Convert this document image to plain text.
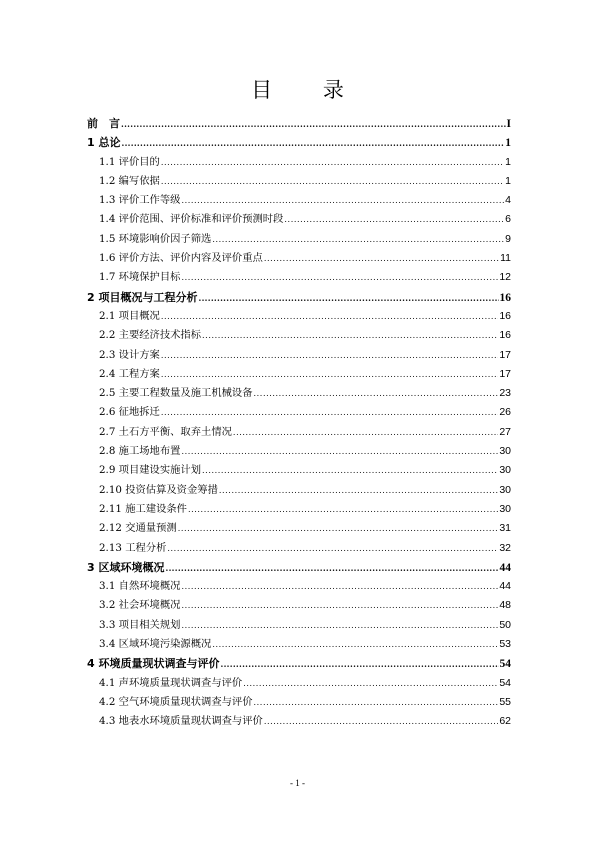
目 录
前　言 .....	I
1 总论 .....	1
1.1 评价目的 .....	1
1.2 编写依据 .....	1
1.3 评价工作等级 .....	4
1.4 评价范围、评价标准和评价预测时段 .....	6
1.5 环境影响价因子筛选 .....	9
1.6 评价方法、评价内容及评价重点 .....	11
1.7 环境保护目标 .....	12
2 项目概况与工程分析 .....	16
2.1 项目概况 .....	16
2.2 主要经济技术指标 .....	16
2.3 设计方案 .....	17
2.4 工程方案 .....	17
2.5 主要工程数量及施工机械设备 .....	23
2.6 征地拆迁 .....	26
2.7 土石方平衡、取弃土情况 .....	27
2.8 施工场地布置 .....	30
2.9 项目建设实施计划 .....	30
2.10 投资估算及资金筹措 .....	30
2.11 施工建设条件 .....	30
2.12 交通量预测 .....	31
2.13 工程分析 .....	32
3 区域环境概况 .....	44
3.1 自然环境概况 .....	44
3.2 社会环境概况 .....	48
3.3 项目相关规划 .....	50
3.4 区域环境污染源概况 .....	53
4 环境质量现状调查与评价 .....	54
4.1 声环境质量现状调查与评价 .....	54
4.2 空气环境质量现状调查与评价 .....	55
4.3 地表水环境质量现状调查与评价 .....	62
- 1 -
